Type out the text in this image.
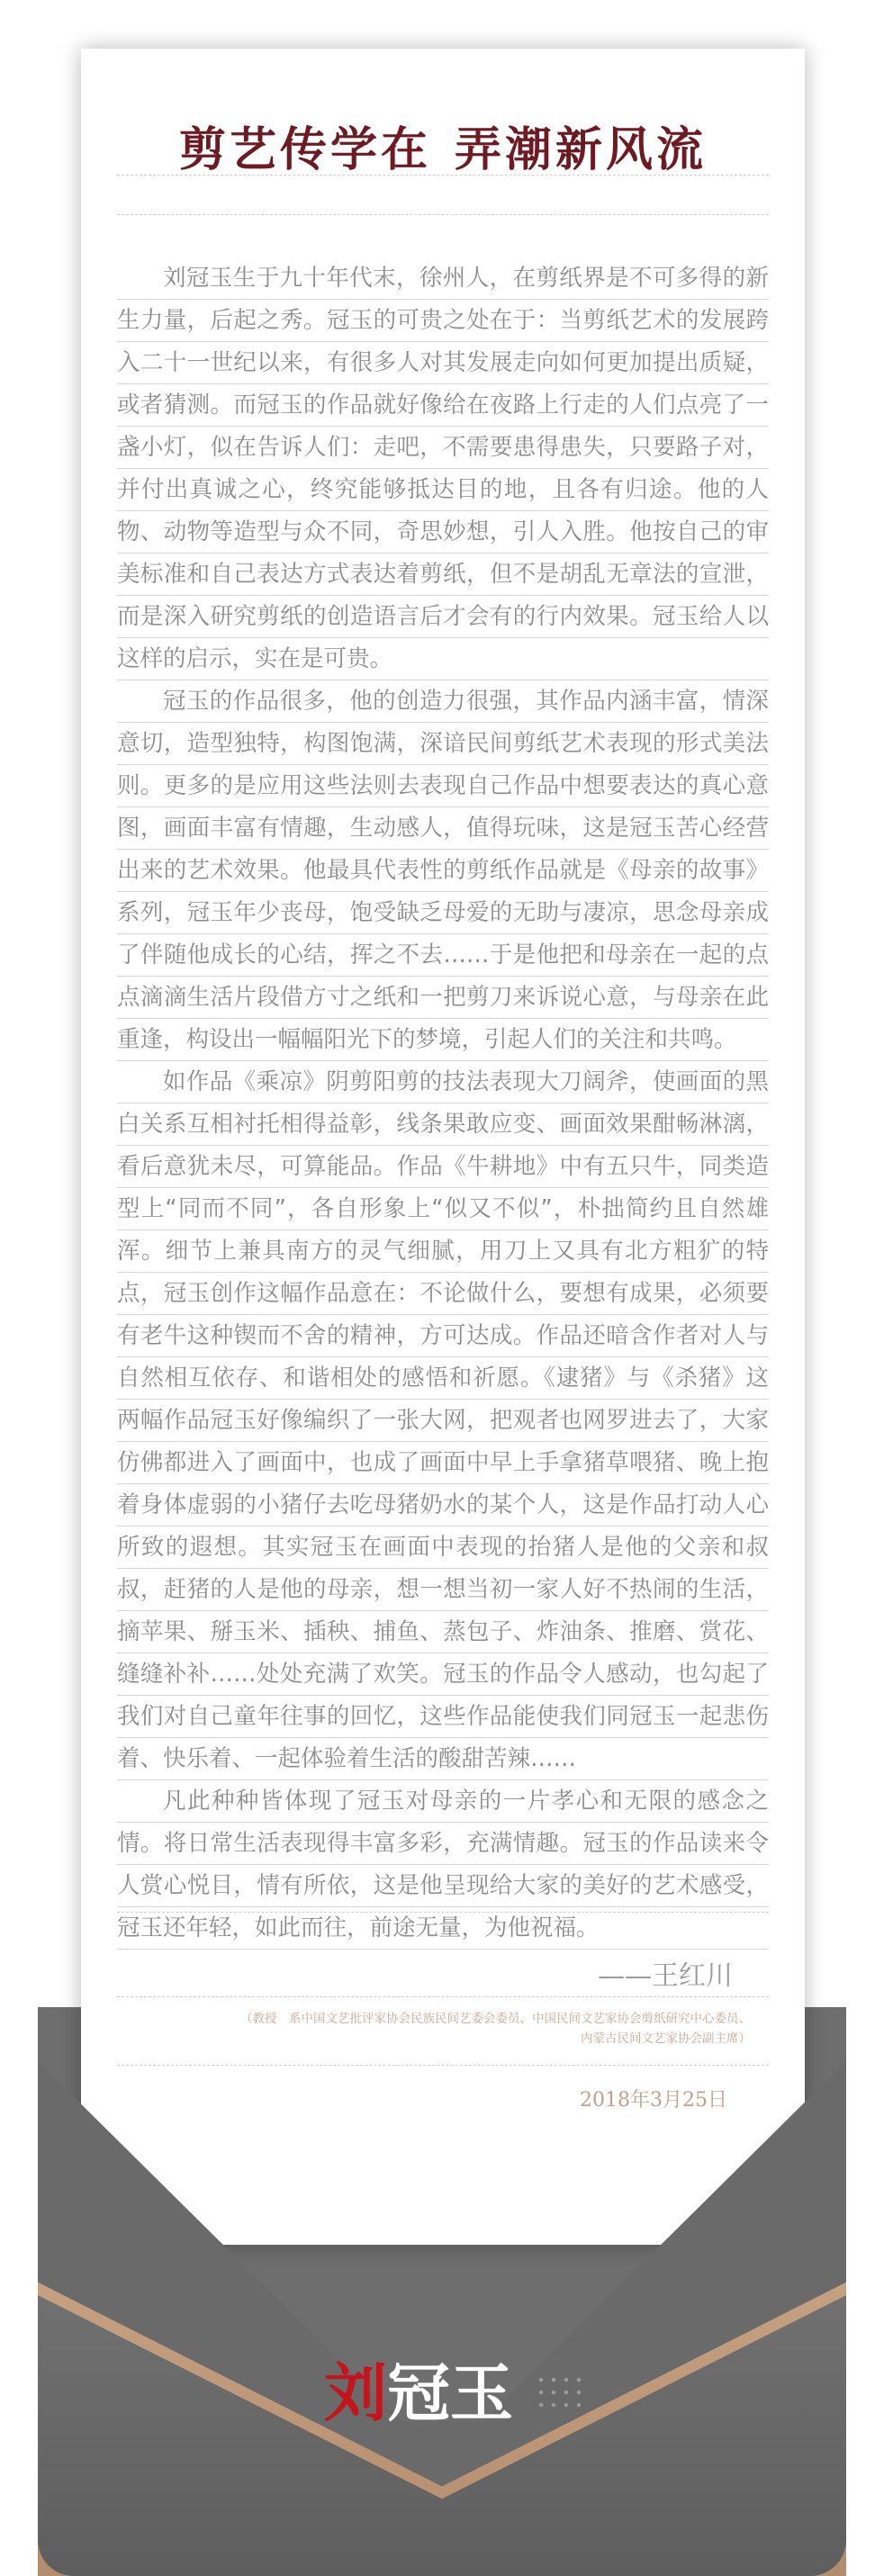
剪艺传学在 弄潮新风流

刘冠玉生于九十年代末，徐州人，在剪纸界是不可多得的新生力量，后起之秀。冠玉的可贵之处在于：当剪纸艺术的发展跨入二十一世纪以来，有很多人对其发展走向如何更加提出质疑，或者猜测。而冠玉的作品就好像给在夜路上行走的人们点亮了一盏小灯，似在告诉人们：走吧，不需要患得患失，只要路子对，并付出真诚之心，终究能够抵达目的地，且各有归途。他的人物、动物等造型与众不同，奇思妙想，引人入胜。他按自己的审美标准和自己表达方式表达着剪纸，但不是胡乱无章法的宣泄，而是深入研究剪纸的创造语言后才会有的行内效果。冠玉给人以这样的启示，实在是可贵。

冠玉的作品很多，他的创造力很强，其作品内涵丰富，情深意切，造型独特，构图饱满，深谙民间剪纸艺术表现的形式美法则。更多的是应用这些法则去表现自己作品中想要表达的真心意图，画面丰富有情趣，生动感人，值得玩味，这是冠玉苦心经营出来的艺术效果。他最具代表性的剪纸作品就是《母亲的故事》系列，冠玉年少丧母，饱受缺乏母爱的无助与凄凉，思念母亲成了伴随他成长的心结，挥之不去……于是他把和母亲在一起的点点滴滴生活片段借方寸之纸和一把剪刀来诉说心意，与母亲在此重逢，构设出一幅幅阳光下的梦境，引起人们的关注和共鸣。

如作品《乘凉》阴剪阳剪的技法表现大刀阔斧，使画面的黑白关系互相衬托相得益彰，线条果敢应变、画面效果酣畅淋漓，看后意犹未尽，可算能品。作品《牛耕地》中有五只牛，同类造型上“同而不同”，各自形象上“似又不似”，朴拙简约且自然雄浑。细节上兼具南方的灵气细腻，用刀上又具有北方粗犷的特点，冠玉创作这幅作品意在：不论做什么，要想有成果，必须要有老牛这种锲而不舍的精神，方可达成。作品还暗含作者对人与自然相互依存、和谐相处的感悟和祈愿。《逮猪》与《杀猪》这两幅作品冠玉好像编织了一张大网，把观者也网罗进去了，大家仿佛都进入了画面中，也成了画面中早上手拿猪草喂猪、晚上抱着身体虚弱的小猪仔去吃母猪奶水的某个人，这是作品打动人心所致的遐想。其实冠玉在画面中表现的抬猪人是他的父亲和叔叔，赶猪的人是他的母亲，想一想当初一家人好不热闹的生活，摘苹果、掰玉米、插秧、捕鱼、蒸包子、炸油条、推磨、赏花、缝缝补补……处处充满了欢笑。冠玉的作品令人感动，也勾起了我们对自己童年往事的回忆，这些作品能使我们同冠玉一起悲伤着、快乐着、一起体验着生活的酸甜苦辣……

凡此种种皆体现了冠玉对母亲的一片孝心和无限的感念之情。将日常生活表现得丰富多彩，充满情趣。冠玉的作品读来令人赏心悦目，情有所依，这是他呈现给大家的美好的艺术感受，冠玉还年轻，如此而往，前途无量，为他祝福。

——王红川
（教授　系中国文艺批评家协会民族民间艺委会委员、中国民间文艺家协会剪纸研究中心委员、
内蒙古民间文艺家协会副主席）
2018年3月25日
刘 冠玉
